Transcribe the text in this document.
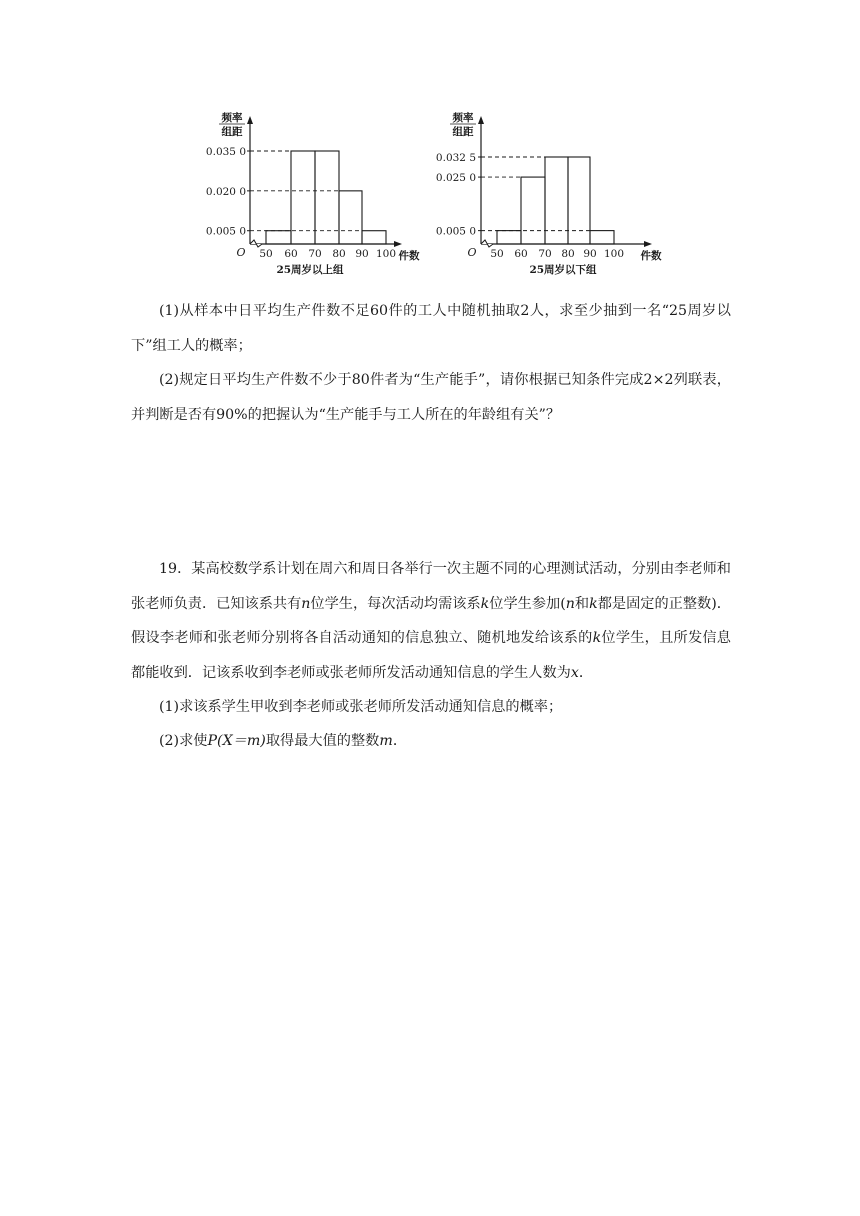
频率
组距
0.035 0
0.020 0
0.005 0
50 60 70 80 90 100
O	件数
25周岁以上组
频率
组距
0.032 5
0.025 0
0.005 0
50 60 70 80 90 100
O	件数
25周岁以下组

(1)从样本中日平均生产件数不足60件的工人中随机抽取2人，求至少抽到一名“25周岁以下”组工人的概率；

(2)规定日平均生产件数不少于80件者为“生产能手”，请你根据已知条件完成2×2列联表，并判断是否有90%的把握认为“生产能手与工人所在的年龄组有关”？

19．某高校数学系计划在周六和周日各举行一次主题不同的心理测试活动，分别由李老师和张老师负责．已知该系共有n位学生，每次活动均需该系k位学生参加(n和k都是固定的正整数)．假设李老师和张老师分别将各自活动通知的信息独立、随机地发给该系的k位学生，且所发信息都能收到．记该系收到李老师或张老师所发活动通知信息的学生人数为x．

(1)求该系学生甲收到李老师或张老师所发活动通知信息的概率；

(2)求使P(X＝m)取得最大值的整数m．
